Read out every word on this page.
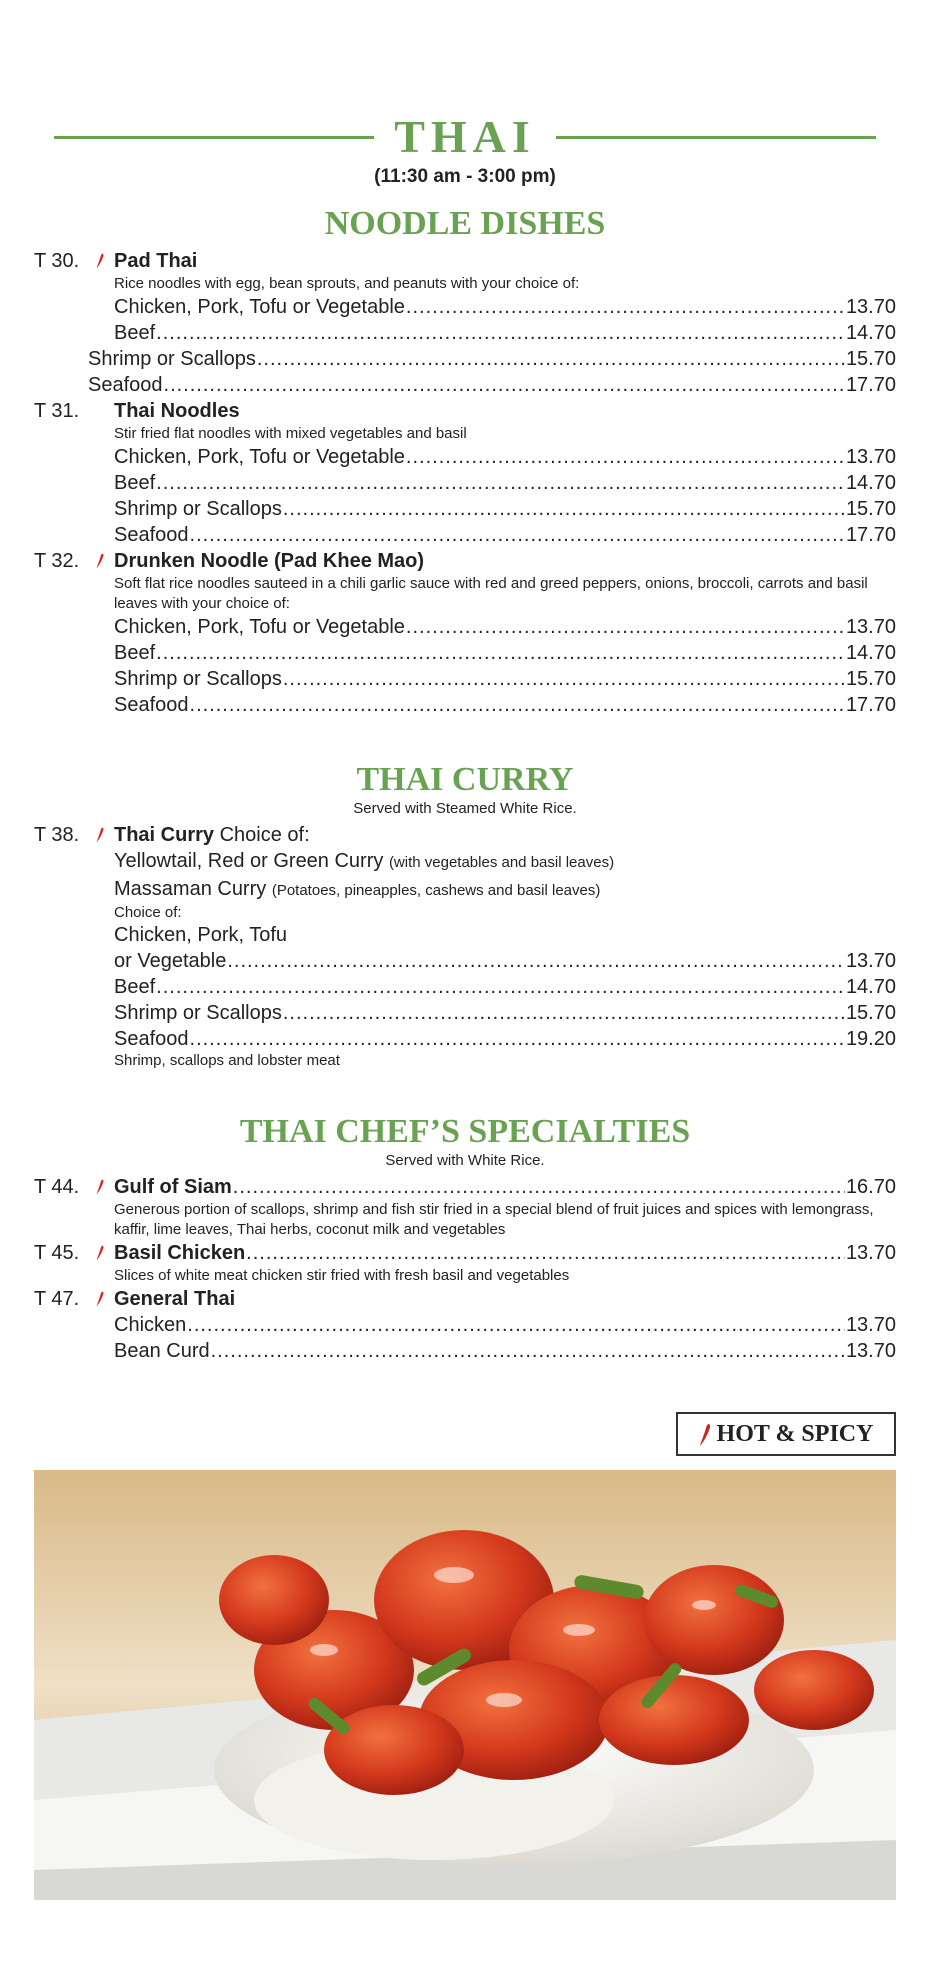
THAI
(11:30 am - 3:00 pm)
NOODLE DISHES
T 30. Pad Thai
Rice noodles with egg, bean sprouts, and peanuts with your choice of:
Chicken, Pork, Tofu or Vegetable .....	13.70
Beef .....	14.70
Shrimp or Scallops .....	15.70
Seafood .....	17.70
T 31. Thai Noodles
Stir fried flat noodles with mixed vegetables and basil
Chicken, Pork, Tofu or Vegetable .....	13.70
Beef .....	14.70
Shrimp or Scallops .....	15.70
Seafood .....	17.70
T 32. Drunken Noodle (Pad Khee Mao)
Soft flat rice noodles sauteed in a chili garlic sauce with red and greed peppers, onions, broccoli, carrots and basil leaves with your choice of:
Chicken, Pork, Tofu or Vegetable .....	13.70
Beef .....	14.70
Shrimp or Scallops .....	15.70
Seafood .....	17.70
THAI CURRY
Served with Steamed White Rice.
T 38. Thai Curry Choice of:
Yellowtail, Red or Green Curry (with vegetables and basil leaves)
Massaman Curry (Potatoes, pineapples, cashews and basil leaves)
Choice of:
Chicken, Pork, Tofu
or Vegetable .....	13.70
Beef .....	14.70
Shrimp or Scallops .....	15.70
Seafood .....	19.20
Shrimp, scallops and lobster meat
THAI CHEF’S SPECIALTIES
Served with White Rice.
T 44.	Gulf of Siam .....	16.70
Generous portion of scallops, shrimp and fish stir fried in a special blend of fruit juices and spices with lemongrass, kaffir, lime leaves, Thai herbs, coconut milk and vegetables
T 45.	Basil Chicken .....	13.70
Slices of white meat chicken stir fried with fresh basil and vegetables
T 47. General Thai
Chicken .....	13.70
Bean Curd .....	13.70
HOT & SPICY
